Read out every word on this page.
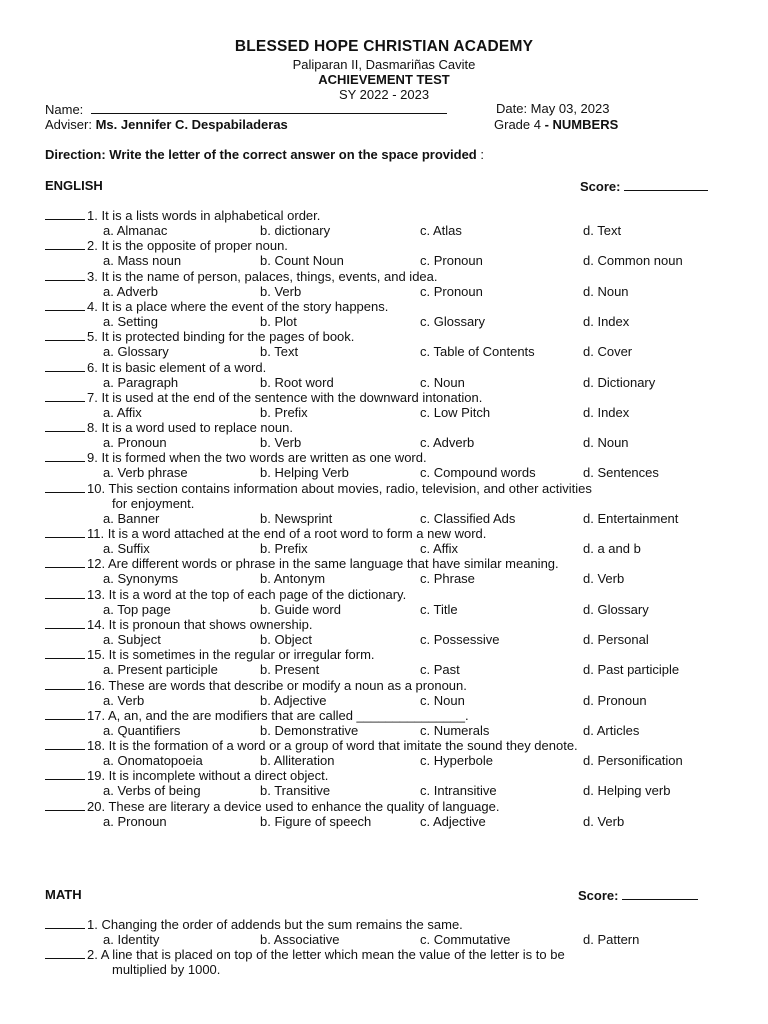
BLESSED HOPE CHRISTIAN ACADEMY
Paliparan II, Dasmariñas Cavite
ACHIEVEMENT TEST
SY 2022 - 2023
Name:	Date: May 03, 2023
Adviser: Ms. Jennifer C. Despabiladeras	Grade 4 - NUMBERS
Direction: Write the letter of the correct answer on the space provided :
ENGLISH	Score:
1. It is a lists words in alphabetical order.
a. Almanac	b. dictionary	c. Atlas	d. Text
2. It is the opposite of proper noun.
a. Mass noun	b. Count Noun	c. Pronoun	d. Common noun
3. It is the name of person, palaces, things, events, and idea.
a. Adverb	b. Verb	c. Pronoun	d. Noun
4. It is a place where the event of the story happens.
a. Setting	b. Plot	c. Glossary	d. Index
5. It is protected binding for the pages of book.
a. Glossary	b. Text	c. Table of Contents	d. Cover
6. It is basic element of a word.
a. Paragraph	b. Root word	c. Noun	d. Dictionary
7. It is used at the end of the sentence with the downward intonation.
a. Affix	b. Prefix	c. Low Pitch	d. Index
8. It is a word used to replace noun.
a. Pronoun	b. Verb	c. Adverb	d. Noun
9. It is formed when the two words are written as one word.
a. Verb phrase	b. Helping Verb	c. Compound words	d. Sentences
10. This section contains information about movies, radio, television, and other activities
for enjoyment.
a. Banner	b. Newsprint	c. Classified Ads	d. Entertainment
11. It is a word attached at the end of a root word to form a new word.
a. Suffix	b. Prefix	c. Affix	d. a and b
12. Are different words or phrase in the same language that have similar meaning.
a. Synonyms	b. Antonym	c. Phrase	d. Verb
13. It is a word at the top of each page of the dictionary.
a. Top page	b. Guide word	c. Title	d. Glossary
14. It is pronoun that shows ownership.
a. Subject	b. Object	c. Possessive	d. Personal
15. It is sometimes in the regular or irregular form.
a. Present participle	b. Present	c. Past	d. Past participle
16. These are words that describe or modify a noun as a pronoun.
a. Verb	b. Adjective	c. Noun	d. Pronoun
17. A, an, and the are modifiers that are called _______________.
a. Quantifiers	b. Demonstrative	c. Numerals	d. Articles
18. It is the formation of a word or a group of word that imitate the sound they denote.
a. Onomatopoeia	b. Alliteration	c. Hyperbole	d. Personification
19. It is incomplete without a direct object.
a. Verbs of being	b. Transitive	c. Intransitive	d. Helping verb
20. These are literary a device used to enhance the quality of language.
a. Pronoun	b. Figure of speech	c. Adjective	d. Verb
MATH	Score:
1. Changing the order of addends but the sum remains the same.
a. Identity	b. Associative	c. Commutative	d. Pattern
2. A line that is placed on top of the letter which mean the value of the letter is to be
multiplied by 1000.
